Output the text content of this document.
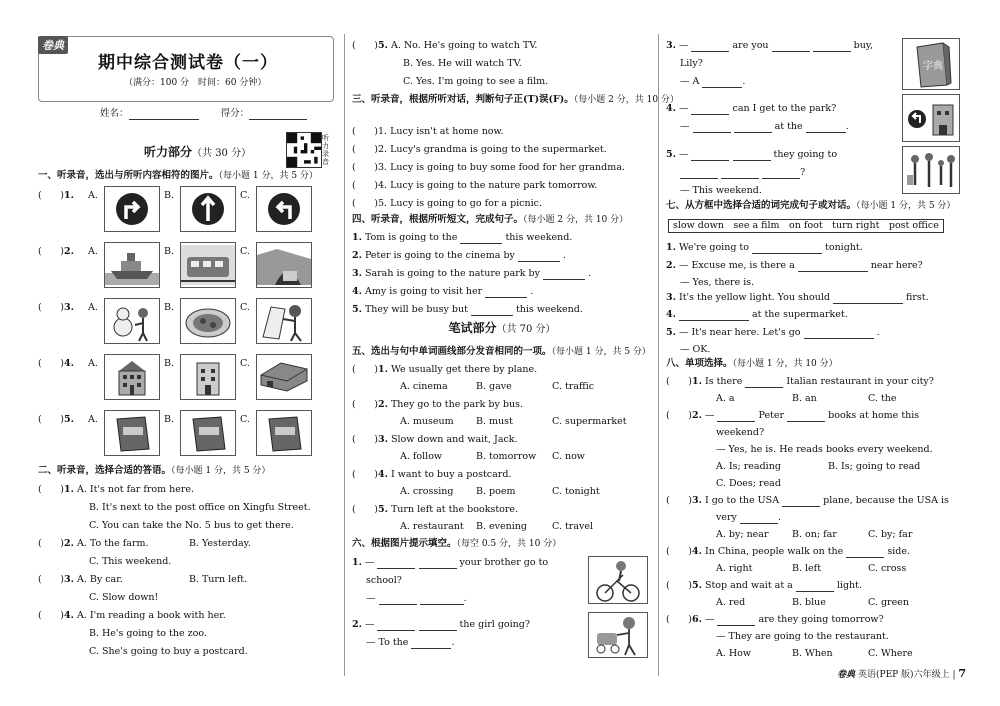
卷典
期中综合测试卷（一）
（满分：100 分　时间：60 分钟）
姓名：	得分：
听力部分（共 30 分）
听力录音
一、听录音，选出与所听内容相符的图片。（每小题 1 分，共 5 分）
( )1.	A.	B.	C.
( )2.	A.	B.	C.
( )3.	A.	B.	C.
( )4.	A.	B.	C.
( )5.	A.	B.	C.
二、听录音，选择合适的答语。（每小题 1 分，共 5 分）
( )1. A. It's not far from here.
B. It's next to the post office on Xingfu Street.
C. You can take the No. 5 bus to get there.
( )2. A. To the farm.	B. Yesterday.
C. This weekend.
( )3. A. By car.	B. Turn left.
C. Slow down!
( )4. A. I'm reading a book with her.
B. He's going to the zoo.
C. She's going to buy a postcard.
( )5. A. No. He's going to watch TV.
B. Yes. He will watch TV.
C. Yes. I'm going to see a film.
三、听录音，根据所听对话，判断句子正(T)误(F)。（每小题 2 分，共 10 分）
( )1. Lucy isn't at home now.
( )2. Lucy's grandma is going to the supermarket.
( )3. Lucy is going to buy some food for her grandma.
( )4. Lucy is going to the nature park tomorrow.
( )5. Lucy is going to go for a picnic.
四、听录音，根据所听短文，完成句子。（每小题 2 分，共 10 分）
1. Tom is going to the	this weekend.
2. Peter is going to the cinema by	.
3. Sarah is going to the nature park by	.
4. Amy is going to visit her	.
5. They will be busy but	this weekend.
笔试部分（共 70 分）
五、选出与句中单词画线部分发音相同的一项。（每小题 1 分，共 5 分）
( )1. We usually get there by plane.
A. cinema	B. gave	C. traffic
( )2. They go to the park by bus.
A. museum B. must	C. supermarket
( )3. Slow down and wait, Jack.
A. follow	B. tomorrow C. now
( )4. I want to buy a postcard.
A. crossing B. poem	C. tonight
( )5. Turn left at the bookstore.
A. restaurant B. evening	C. travel
六、根据图片提示填空。（每空 0.5 分，共 10 分）
1. —	your brother go to
school?
—	.
2. —	the girl going?
— To the	.
3. —	are you	buy,
Lily?
— A	.
字典
4. —	can I get to the park?
—	at the	.
5. —	they going to
?
— This weekend.
七、从方框中选择合适的词完成句子或对话。（每小题 1 分，共 5 分）
slow down　see a film　on foot　turn right　post office
1. We're going to	tonight.
2. — Excuse me, is there a	near here?
— Yes, there is.
3. It's the yellow light. You should	first.
4.	at the supermarket.
5. — It's near here. Let's go	.
— OK.
八、单项选择。（每小题 1 分，共 10 分）
( )1. Is there	Italian restaurant in your city?
A. a	B. an	C. the
( )2. —	Peter	books at home this
weekend?
— Yes, he is. He reads books every weekend.
A. Is; reading	B. Is; going to read
C. Does; read
( )3. I go to the USA	plane, because the USA is
very	.
A. by; near B. on; far	C. by; far
( )4. In China, people walk on the	side.
A. right	B. left	C. cross
( )5. Stop and wait at a	light.
A. red	B. blue	C. green
( )6. —	are they going tomorrow?
— They are going to the restaurant.
A. How	B. When	C. Where
卷典 英语(PEP 版)六年级上 | 7
